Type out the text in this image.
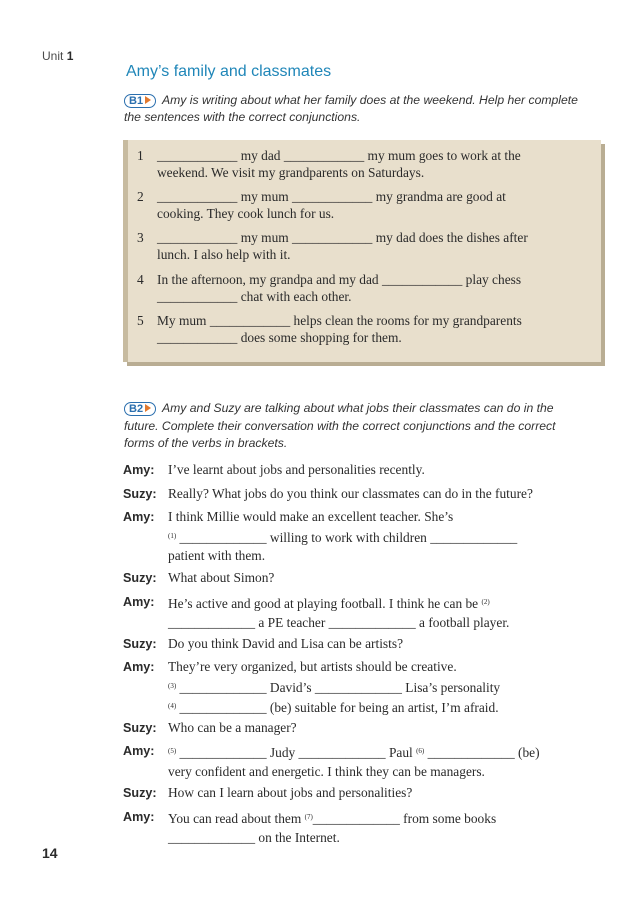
Unit 1
Amy’s family and classmates
B1 Amy is writing about what her family does at the weekend. Help her complete
the sentences with the correct conjunctions.
1 ____________ my dad ____________ my mum goes to work at the
weekend. We visit my grandparents on Saturdays.
2 ____________ my mum ____________ my grandma are good at
cooking. They cook lunch for us.
3 ____________ my mum ____________ my dad does the dishes after
lunch. I also help with it.
4 In the afternoon, my grandpa and my dad ____________ play chess
____________ chat with each other.
5 My mum ____________ helps clean the rooms for my grandparents
____________ does some shopping for them.
B2 Amy and Suzy are talking about what jobs their classmates can do in the
future. Complete their conversation with the correct conjunctions and the correct
forms of the verbs in brackets.
Amy:	I’ve learnt about jobs and personalities recently.
Suzy: Really? What jobs do you think our classmates can do in the future?
Amy:	I think Millie would make an excellent teacher. She’s
$^{(1)}$ _____________ willing to work with children _____________
patient with them.
Suzy: What about Simon?
Amy:	He’s active and good at playing football. I think he can be $^{(2)}$
_____________ a PE teacher _____________ a football player.
Suzy: Do you think David and Lisa can be artists?
Amy:	They’re very organized, but artists should be creative.
$^{(3)}$ _____________ David’s _____________ Lisa’s personality
$^{(4)}$ _____________ (be) suitable for being an artist, I’m afraid.
Suzy: Who can be a manager?
Amy:	$^{(5)}$ _____________ Judy _____________ Paul $^{(6)}$ _____________ (be)
very confident and energetic. I think they can be managers.
Suzy: How can I learn about jobs and personalities?
Amy:	You can read about them $^{(7)}$_____________ from some books
_____________ on the Internet.
14
